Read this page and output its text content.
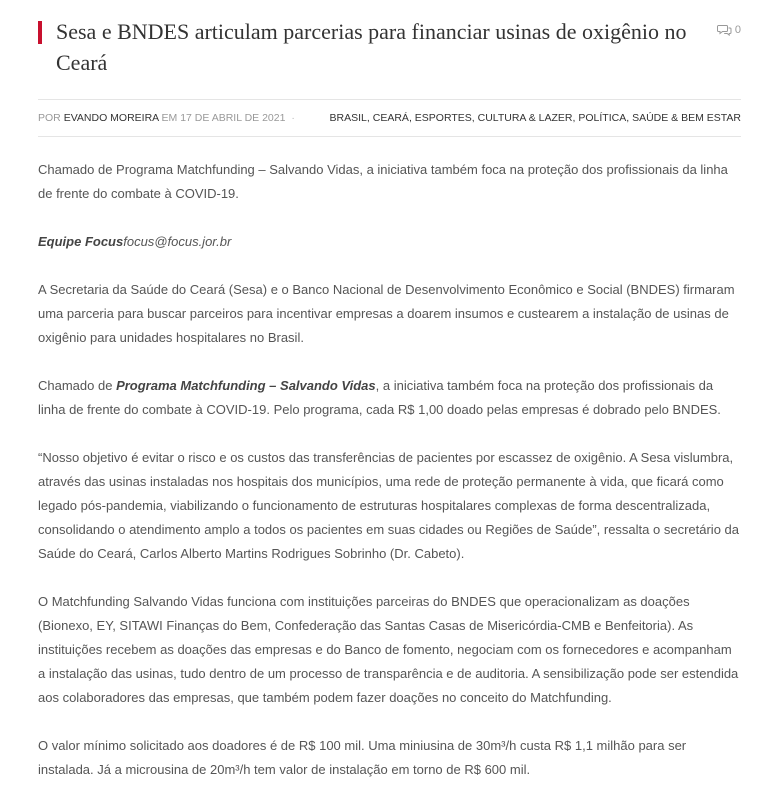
Sesa e BNDES articulam parcerias para financiar usinas de oxigênio no Ceará
0
POR EVANDO MOREIRA EM 17 DE ABRIL DE 2021 ·	BRASIL, CEARÁ, ESPORTES, CULTURA & LAZER, POLÍTICA, SAÚDE & BEM ESTAR

Chamado de Programa Matchfunding – Salvando Vidas, a iniciativa também foca na proteção dos profissionais da linha de frente do combate à COVID-19.

Equipe Focusfocus@focus.jor.br

A Secretaria da Saúde do Ceará (Sesa) e o Banco Nacional de Desenvolvimento Econômico e Social (BNDES) firmaram uma parceria para buscar parceiros para incentivar empresas a doarem insumos e custearem a instalação de usinas de oxigênio para unidades hospitalares no Brasil.

Chamado de Programa Matchfunding – Salvando Vidas, a iniciativa também foca na proteção dos profissionais da linha de frente do combate à COVID-19. Pelo programa, cada R$ 1,00 doado pelas empresas é dobrado pelo BNDES.

“Nosso objetivo é evitar o risco e os custos das transferências de pacientes por escassez de oxigênio. A Sesa vislumbra, através das usinas instaladas nos hospitais dos municípios, uma rede de proteção permanente à vida, que ficará como legado pós-pandemia, viabilizando o funcionamento de estruturas hospitalares complexas de forma descentralizada, consolidando o atendimento amplo a todos os pacientes em suas cidades ou Regiões de Saúde”, ressalta o secretário da Saúde do Ceará, Carlos Alberto Martins Rodrigues Sobrinho (Dr. Cabeto).

O Matchfunding Salvando Vidas funciona com instituições parceiras do BNDES que operacionalizam as doações (Bionexo, EY, SITAWI Finanças do Bem, Confederação das Santas Casas de Misericórdia-CMB e Benfeitoria). As instituições recebem as doações das empresas e do Banco de fomento, negociam com os fornecedores e acompanham a instalação das usinas, tudo dentro de um processo de transparência e de auditoria. A sensibilização pode ser estendida aos colaboradores das empresas, que também podem fazer doações no conceito do Matchfunding.

O valor mínimo solicitado aos doadores é de R$ 100 mil. Uma miniusina de 30m³/h custa R$ 1,1 milhão para ser instalada. Já a microusina de 20m³/h tem valor de instalação em torno de R$ 600 mil.
